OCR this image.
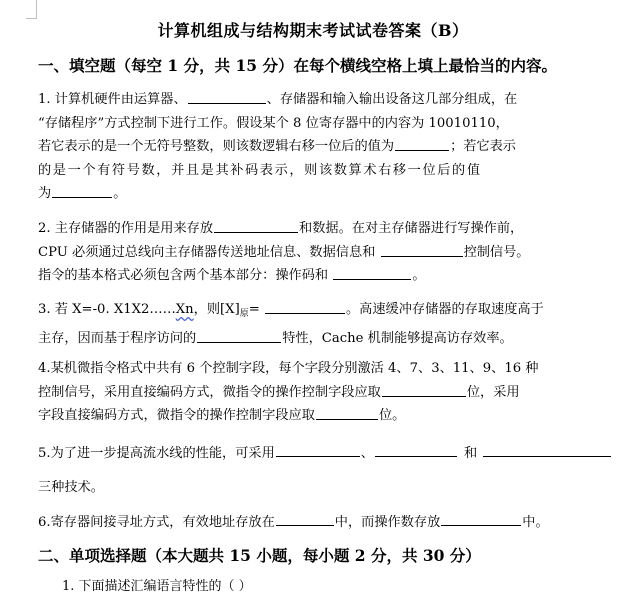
计算机组成与结构期末考试试卷答案（B）
一、填空题（每空 1 分，共 15 分）在每个横线空格上填上最恰当的内容。
1. 计算机硬件由运算器、	、存储器和输入输出设备这几部分组成，在
“存储程序”方式控制下进行工作。假设某个 8 位寄存器中的内容为 10010110，
若它表示的是一个无符号整数，则该数逻辑右移一位后的值为	；若它表示
的是一个有符号数，并且是其补码表示，则该数算术右移一位后的值
为	。
2. 主存储器的作用是用来存放	和数据。在对主存储器进行写操作前，
CPU 必须通过总线向主存储器传送地址信息、数据信息和	控制信号。
指令的基本格式必须包含两个基本部分：操作码和	。
3. 若 X=-0. X1X2……Xn，则$[X]_原=$	。高速缓冲存储器的存取速度高于
主存，因而基于程序访问的	特性，Cache 机制能够提高访存效率。
4.某机微指令格式中共有 6 个控制字段，每个字段分别激活 4、7、3、11、9、16 种
控制信号，采用直接编码方式，微指令的操作控制字段应取	位，采用
字段直接编码方式，微指令的操作控制字段应取	位。
5.为了进一步提高流水线的性能，可采用	、	和
三种技术。
6.寄存器间接寻址方式，有效地址存放在	中，而操作数存放	中。
二、单项选择题（本大题共 15 小题，每小题 2 分，共 30 分）
1. 下面描述汇编语言特性的（ ）
